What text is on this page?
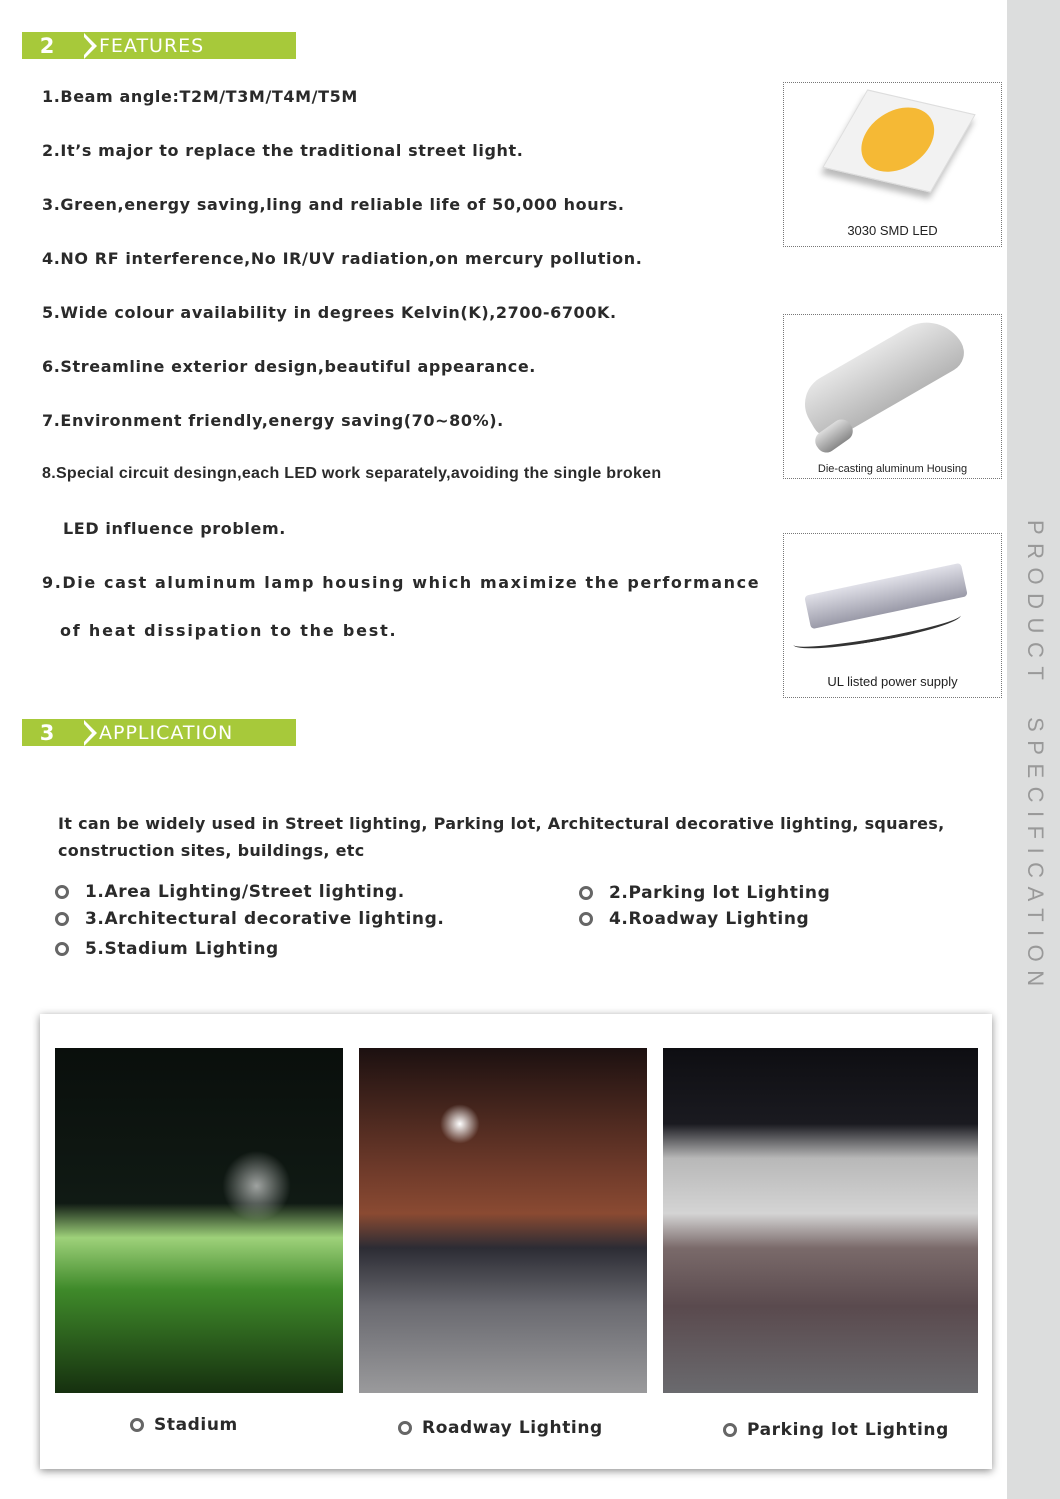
PRODUCT  SPECIFICATION
2	FEATURES
1.Beam angle:T2M/T3M/T4M/T5M
2.It’s major to replace the traditional street light.
3.Green,energy saving,ling and reliable life of 50,000 hours.
4.NO RF interference,No IR/UV radiation,on mercury pollution.
5.Wide colour availability in degrees Kelvin(K),2700-6700K.
6.Streamline exterior design,beautiful appearance.
7.Environment friendly,energy saving(70~80%).
8.Special circuit desingn,each LED work separately,avoiding the single broken
LED influence problem.
9.Die cast aluminum lamp housing which maximize the performance
of heat dissipation to the best.
3030 SMD LED
Die-casting aluminum Housing
UL listed power supply
3	APPLICATION
It can be widely used in Street lighting, Parking lot, Architectural decorative lighting, squares, construction sites, buildings, etc
1.Area Lighting/Street lighting.	2.Parking lot Lighting
3.Architectural decorative lighting.	4.Roadway Lighting
5.Stadium Lighting
Stadium	Roadway Lighting	Parking lot Lighting
